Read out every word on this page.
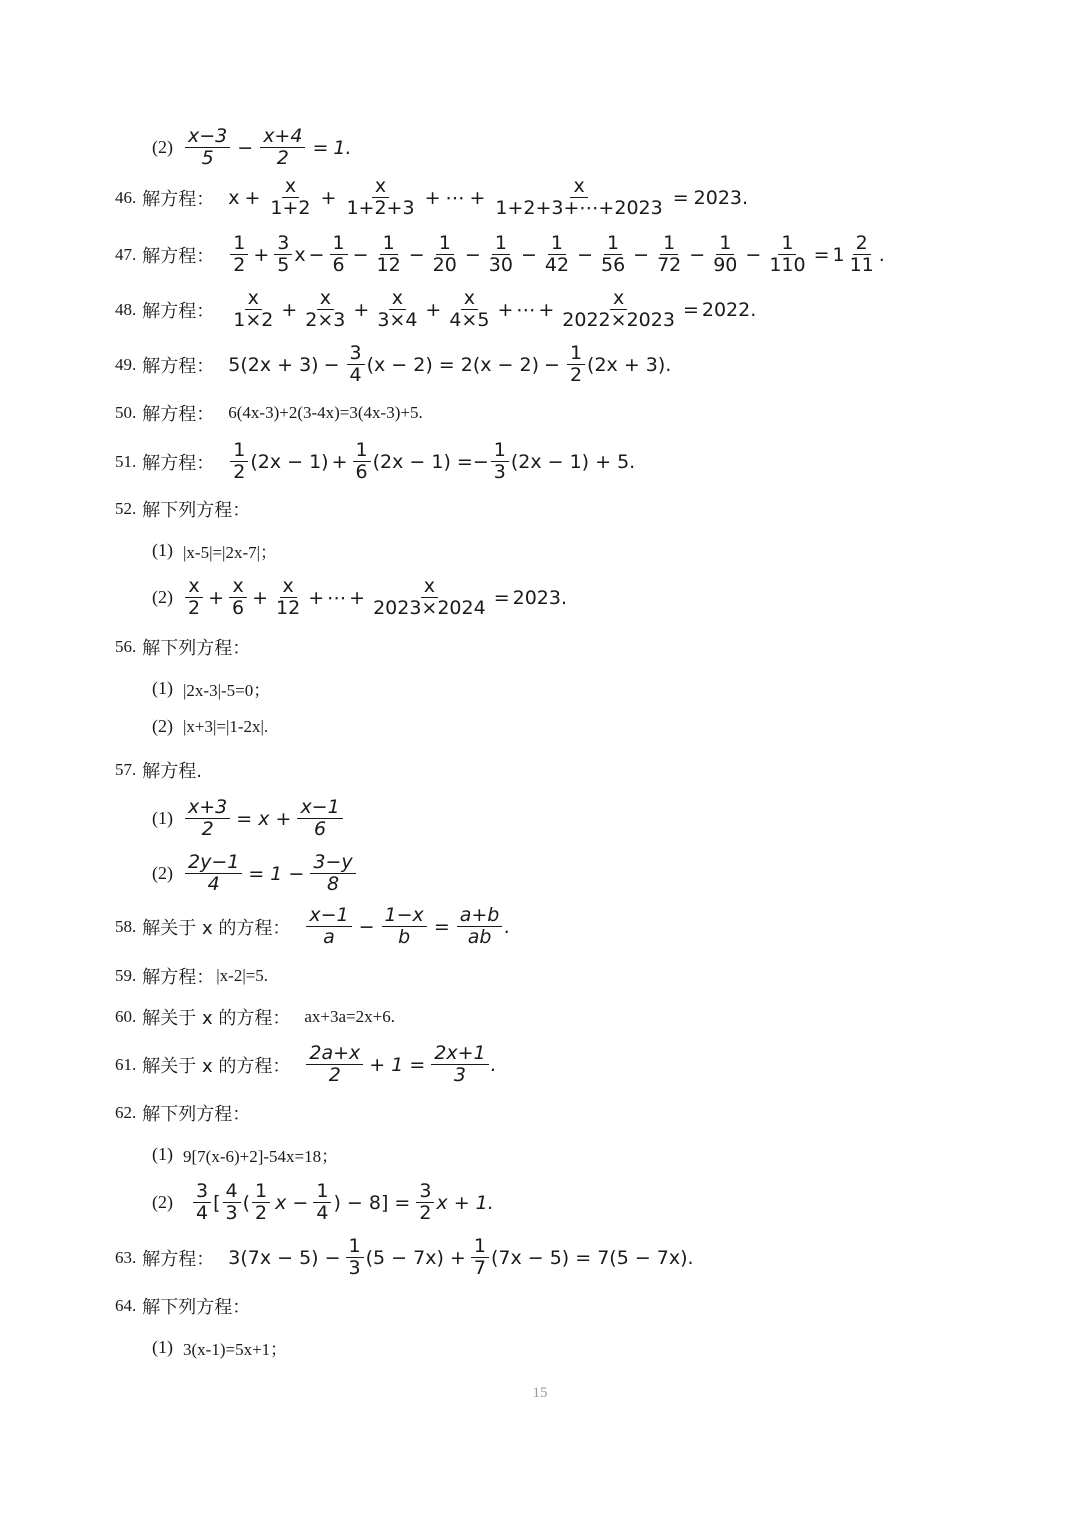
(2) x−3
$5 - \frac{x+4}{2} = 1$.
46. 解方程： $x + \frac{x}{1+2} + \frac{x}{1+2+3}$ + ⋯ + $\frac{x}{1+2+3+\cdots+2023} = 2023$.
47. 解方程：
1
$2 + \frac{3}{5}$ $x - \frac{1}{6} - \frac{1}{12} - \frac{1}{20} - \frac{1}{30} - \frac{1}{42} - \frac{1}{56} - \frac{1}{72} - \frac{1}{90} - \frac{1}{110} = 1$
2
11 .
48. 解方程：
x
$1\times 2 + \frac{x}{2\times 3} + \frac{x}{3\times 4} + \frac{x}{4\times 5}$ + ⋯ + $\frac{x}{2022\times 2023} = 2022$.
49. 解方程： $5(2x + 3) - \frac{3}{4} (x - 2) = 2(x - 2) - \frac{1}{2} (2x + 3)$.
50. 解方程： 6(4x-3)+2(3-4x)=3(4x-3)+5.
51. 解方程：
1
2 $(2x - 1) + \frac{1}{6} (2x - 1) =- \frac{1}{3} (2x - 1) + 5$.
52. 解下列方程：
(1) |x-5|=|2x-7|；
(2) x
$2 + \frac{x}{6} + \frac{x}{12}$ + ⋯ + $\frac{x}{2023\times 2024} = 2023$.
56. 解下列方程：
(1) |2x-3|-5=0；
(2) |x+3|=|1-2x|.
57. 解方程.
$(1) \frac{x+3}{2} = x + \frac{x-1}{6}$
$(2) \frac{2y-1}{4} = 1 - \frac{3-y}{8}$
58. 解关于 x 的方程：
x−1
$a - \frac{1-x}{b} = \frac{a+b}{ab}$ .
59. 解方程： |x-2|=5.
60. 解关于 x 的方程： ax+3a=2x+6.
61. 解关于 x 的方程：
2a+x
$2 + 1 = \frac{2x+1}{3}$ .
62. 解下列方程：
(1) 9[7(x-6)+2]-54x=18；
(2) 3
4 [
4
3 (
1
2 $x - \frac{1}{4}$ ) − $8] = \frac{3}{2}$ x + 1.
63. 解方程： $3(7x - 5) - \frac{1}{3} (5 - 7x) + \frac{1}{7} (7x - 5) = 7(5 - 7x)$.
64. 解下列方程：
(1) 3(x-1)=5x+1；
15
